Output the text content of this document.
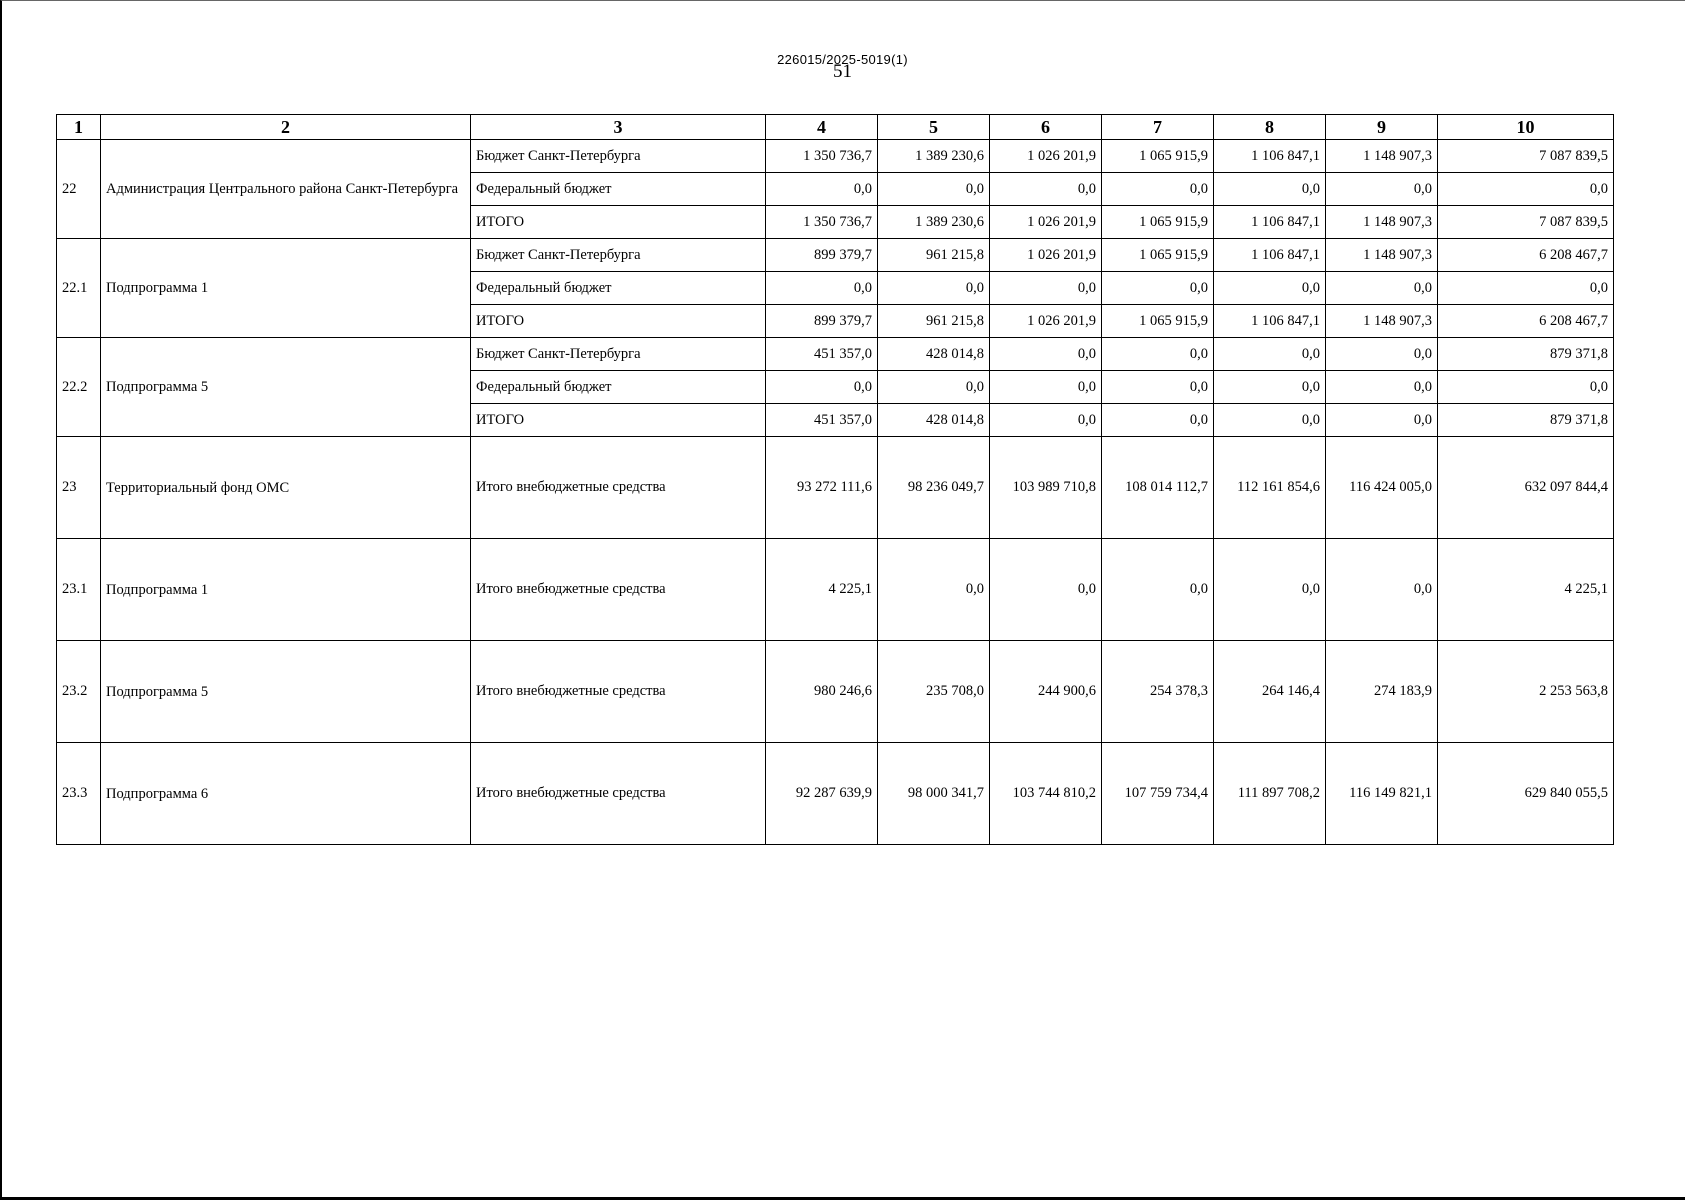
226015/2025-5019(1)
51
1	2	3	4	5	6	7	8	9	10
22	Администрация Центрального района Санкт-Петербурга	Бюджет Санкт-Петербурга	1 350 736,7	1 389 230,6	1 026 201,9	1 065 915,9	1 106 847,1	1 148 907,3	7 087 839,5
		Федеральный бюджет	0,0	0,0	0,0	0,0	0,0	0,0	0,0
		ИТОГО	1 350 736,7	1 389 230,6	1 026 201,9	1 065 915,9	1 106 847,1	1 148 907,3	7 087 839,5
22.1	Подпрограмма 1	Бюджет Санкт-Петербурга	899 379,7	961 215,8	1 026 201,9	1 065 915,9	1 106 847,1	1 148 907,3	6 208 467,7
		Федеральный бюджет	0,0	0,0	0,0	0,0	0,0	0,0	0,0
		ИТОГО	899 379,7	961 215,8	1 026 201,9	1 065 915,9	1 106 847,1	1 148 907,3	6 208 467,7
22.2	Подпрограмма 5	Бюджет Санкт-Петербурга	451 357,0	428 014,8	0,0	0,0	0,0	0,0	879 371,8
		Федеральный бюджет	0,0	0,0	0,0	0,0	0,0	0,0	0,0
		ИТОГО	451 357,0	428 014,8	0,0	0,0	0,0	0,0	879 371,8
23	Территориальный фонд ОМС	Итого внебюджетные средства	93 272 111,6	98 236 049,7	103 989 710,8	108 014 112,7	112 161 854,6	116 424 005,0	632 097 844,4
23.1	Подпрограмма 1	Итого внебюджетные средства	4 225,1	0,0	0,0	0,0	0,0	0,0	4 225,1
23.2	Подпрограмма 5	Итого внебюджетные средства	980 246,6	235 708,0	244 900,6	254 378,3	264 146,4	274 183,9	2 253 563,8
23.3	Подпрограмма 6	Итого внебюджетные средства	92 287 639,9	98 000 341,7	103 744 810,2	107 759 734,4	111 897 708,2	116 149 821,1	629 840 055,5
